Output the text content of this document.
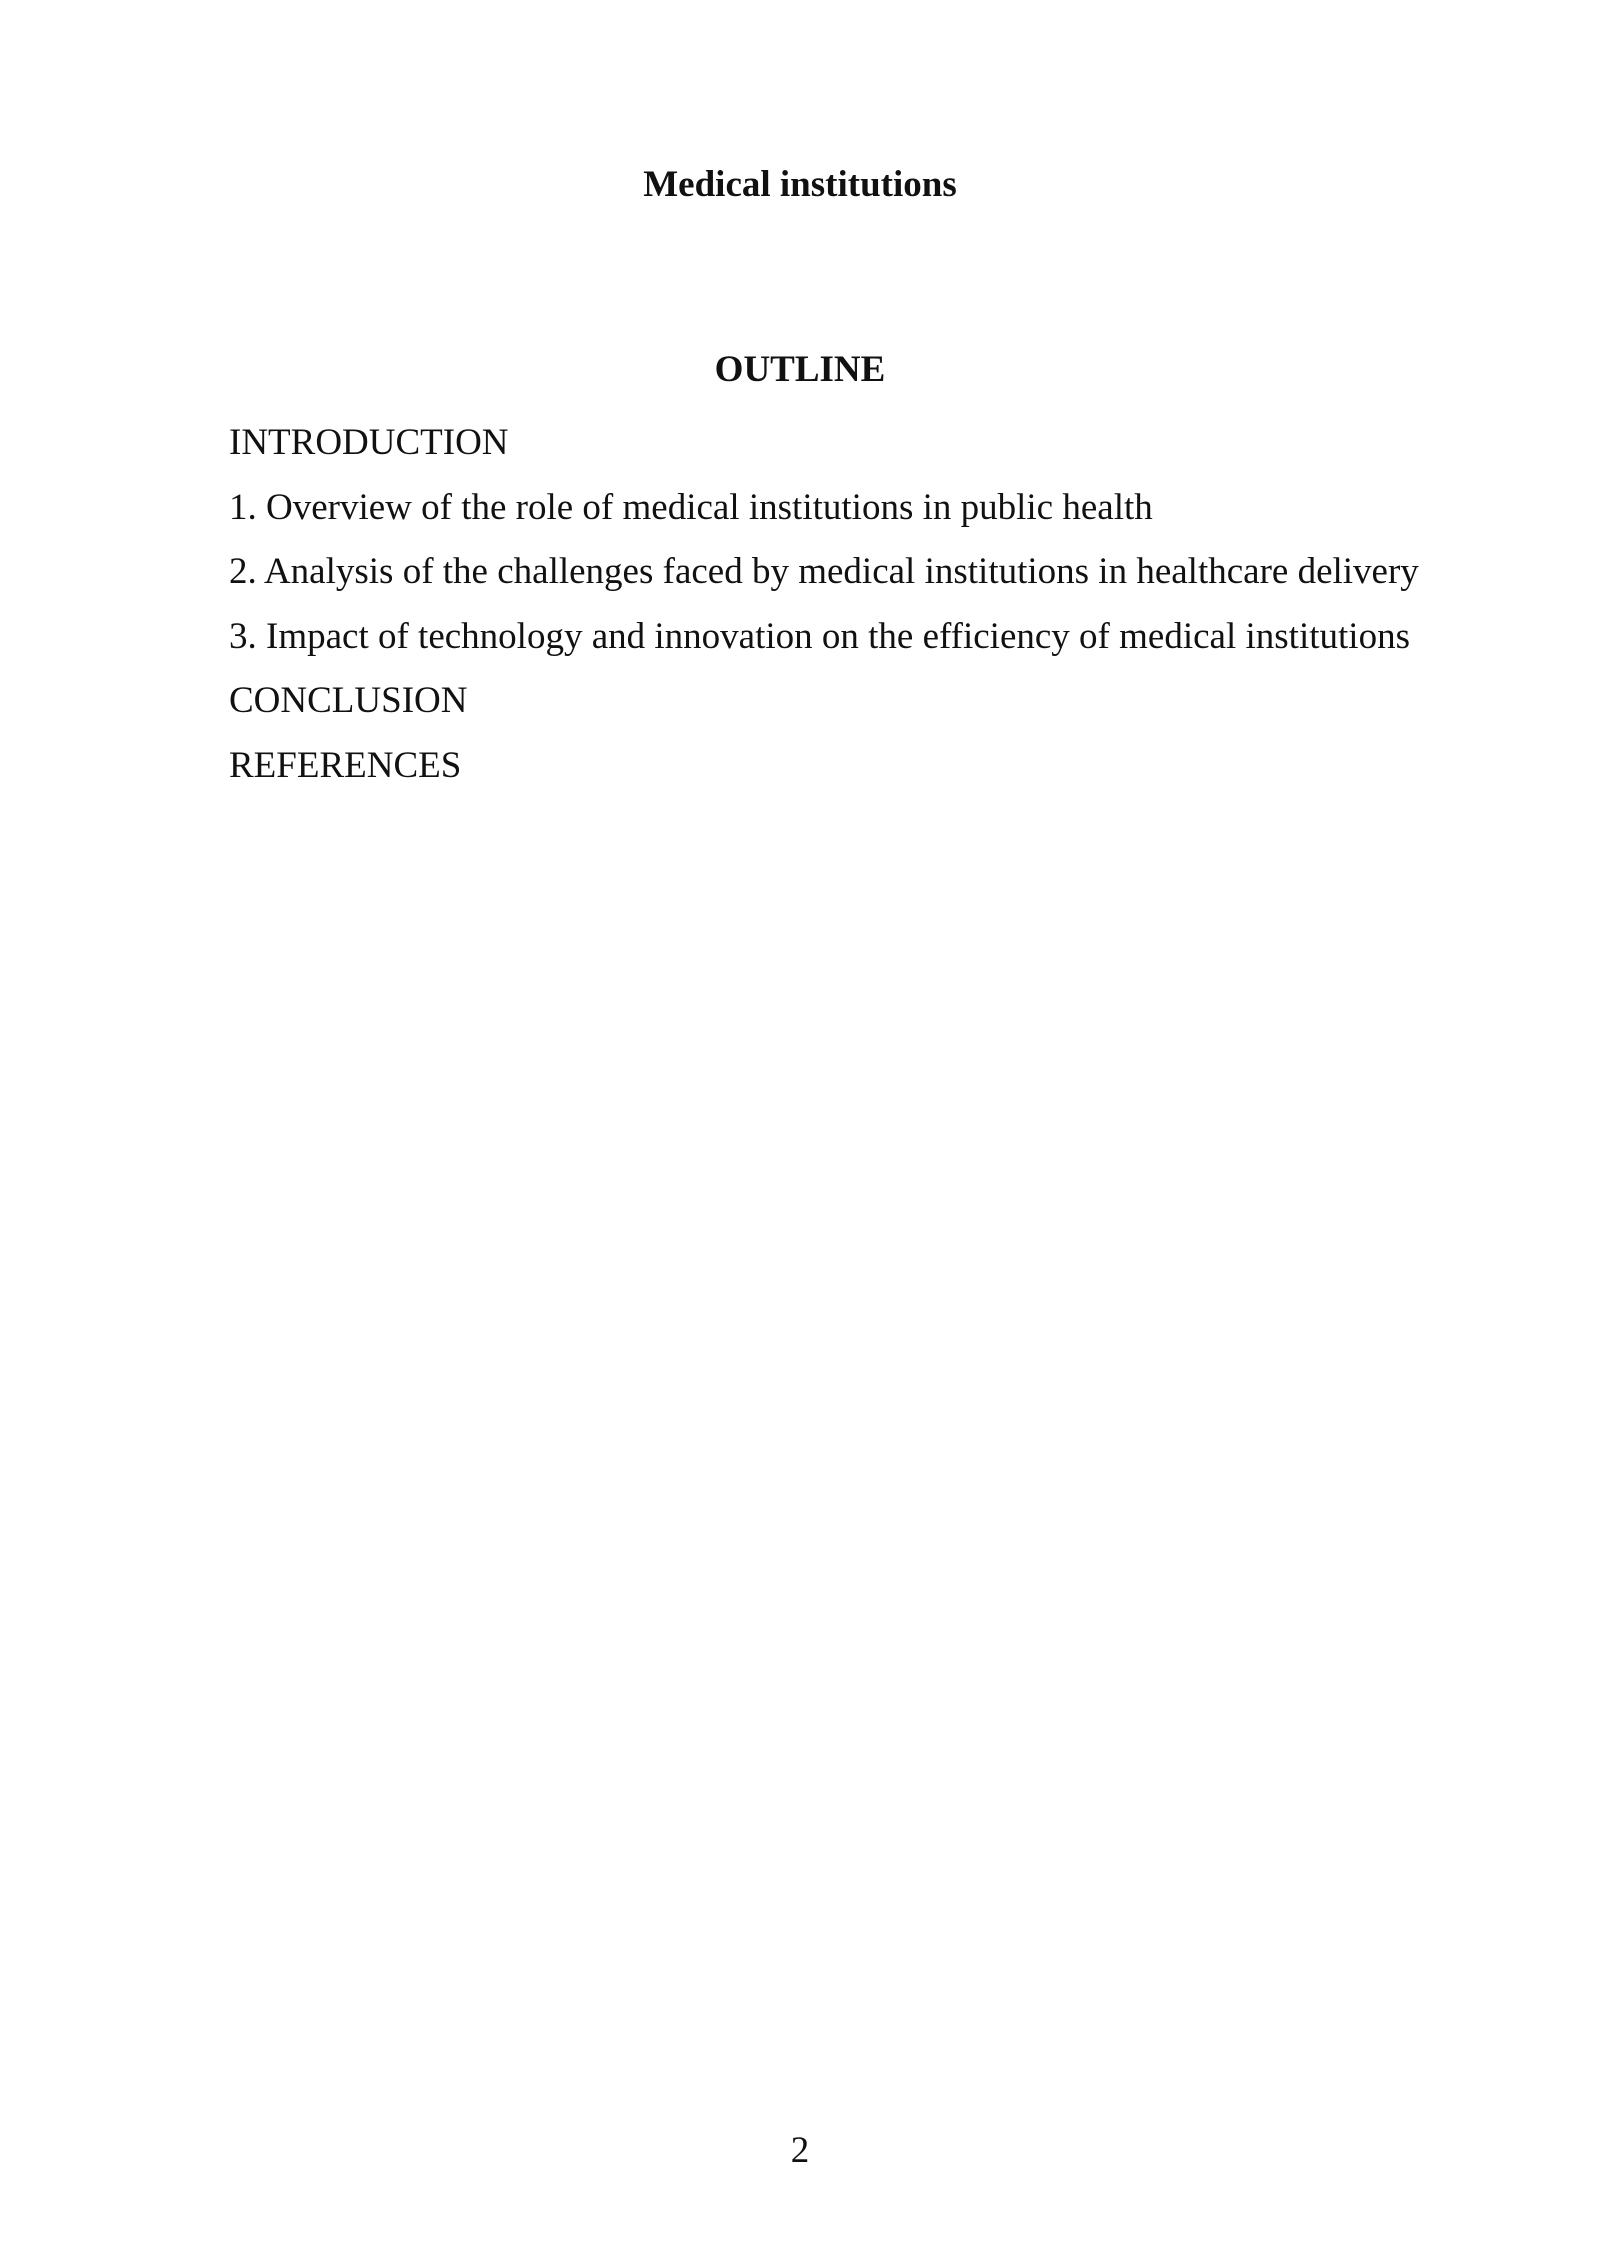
Medical institutions
OUTLINE
INTRODUCTION
1. Overview of the role of medical institutions in public health
2. Analysis of the challenges faced by medical institutions in healthcare delivery
3. Impact of technology and innovation on the efficiency of medical institutions
CONCLUSION
REFERENCES
2
